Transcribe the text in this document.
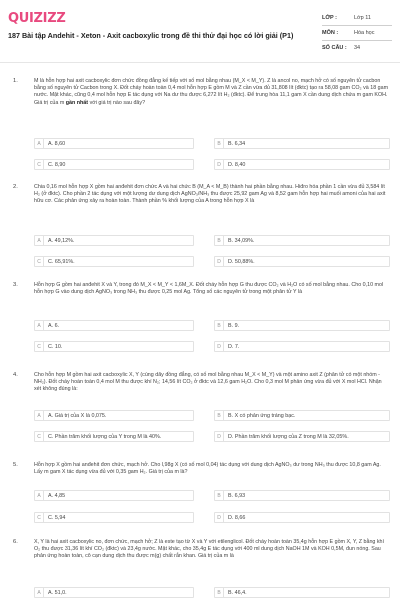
QUIZIZZ
187 Bài tập Andehit - Xeton - Axit cacboxylic trong đề thi thử đại học có lời giải (P1)
LỚP :	Lớp 11
MÔN :	Hóa học
SỐ CÂU :	34
1.	M là hỗn hợp hai axit cacboxylic đơn chức đồng đẳng kế tiếp với số mol bằng nhau (M_X < M_Y). Z là ancol no, mạch hở có số nguyên tử cacbon bằng số nguyên tử Cacbon trong X. Đốt cháy hoàn toàn 0,4 mol hỗn hợp E gồm M và Z cần vừa đủ 31,808 lít (đktc) tạo ra 58,08 gam CO₂ và 18 gam nước. Mặt khác, cũng 0,4 mol hỗn hợp E tác dụng với Na dư thu được 6,272 lít H₂ (đktc). Để trung hòa 11,1 gam X cần dung dịch chứa m gam KOH. Giá trị của m gần nhất với giá trị nào sau đây?
A	A. 8,60	B	B. 6,34
C	C. 8,90	D	D. 8,40
2.	Chia 0,16 mol hỗn hợp X gồm hai anđehit đơn chức A và hai chức B (M_A < M_B) thành hai phần bằng nhau. Hiđro hóa phần 1 cần vừa đủ 3,584 lít H₂ (ở đktc). Cho phần 2 tác dụng với một lượng dư dung dịch AgNO₃/NH₃ thu được 25,92 gam Ag và 8,52 gam hỗn hợp hai muối amoni của hai axit hữu cơ. Các phản ứng xảy ra hoàn toàn. Thành phần % khối lượng của A trong hỗn hợp X là
A	A. 49,12%.	B	B. 34,09%.
C	C. 65,91%.	D	D. 50,88%.
3.	Hỗn hợp G gồm hai anđehit X và Y, trong đó M_X < M_Y < 1,6M_X. Đốt cháy hỗn hợp G thu được CO₂ và H₂O có số mol bằng nhau. Cho 0,10 mol hỗn hợp G vào dung dịch AgNO₃ trong NH₃ thu được 0,25 mol Ag. Tổng số các nguyên tử trong một phân tử Y là
A	A. 6.	B	B. 9.
C	C. 10.	D	D. 7.
4.	Cho hỗn hợp M gồm hai axit cacboxylic X, Y (cùng dãy đồng đẳng, có số mol bằng nhau M_X < M_Y) và một amino axit Z (phân tử có một nhóm -NH₂). Đốt cháy hoàn toàn 0,4 mol M thu được khí N₂; 14,56 lít CO₂ ở đktc và 12,6 gam H₂O. Cho 0,3 mol M phản ứng vừa đủ với X mol HCl. Nhận xét không đúng là:
A	A. Giá trị của X là 0,075.	B	B. X có phản ứng tráng bạc.
C	C. Phần trăm khối lượng của Y trong M là 40%.	D	D. Phần trăm khối lượng của Z trong M là 32,05%.
5.	Hỗn hợp X gồm hai anđehit đơn chức, mạch hở. Cho l,98g X (có số mol 0,04) tác dụng với dung dịch AgNO₃ dư trong NH₃ thu được 10,8 gam Ag. Lấy m gam X tác dụng vừa đủ với 0,35 gam H₂. Giá trị của m là?
A	A. 4,85	B	B. 6,93
C	C. 5,94	D	D. 8,66
6.	X, Y là hai axit cacboxylic no, đơn chức, mạch hở; Z là este tạo từ X và Y với etilenglicol. Đốt cháy hoàn toàn 35,4g hỗn hợp E gồm X, Y, Z bằng khí O₂ thu được 31,36 lít khí CO₂ (đktc) và 23,4g nước. Mặt khác, cho 35,4g E tác dụng với 400 ml dung dịch NaOH 1M và KOH 0,5M, đun nóng. Sau phản ứng hoàn toàn, cô cạn dung dịch thu được m(g) chất rắn khan. Giá trị của m là
A	A. 51,0.	B	B. 46,4.
